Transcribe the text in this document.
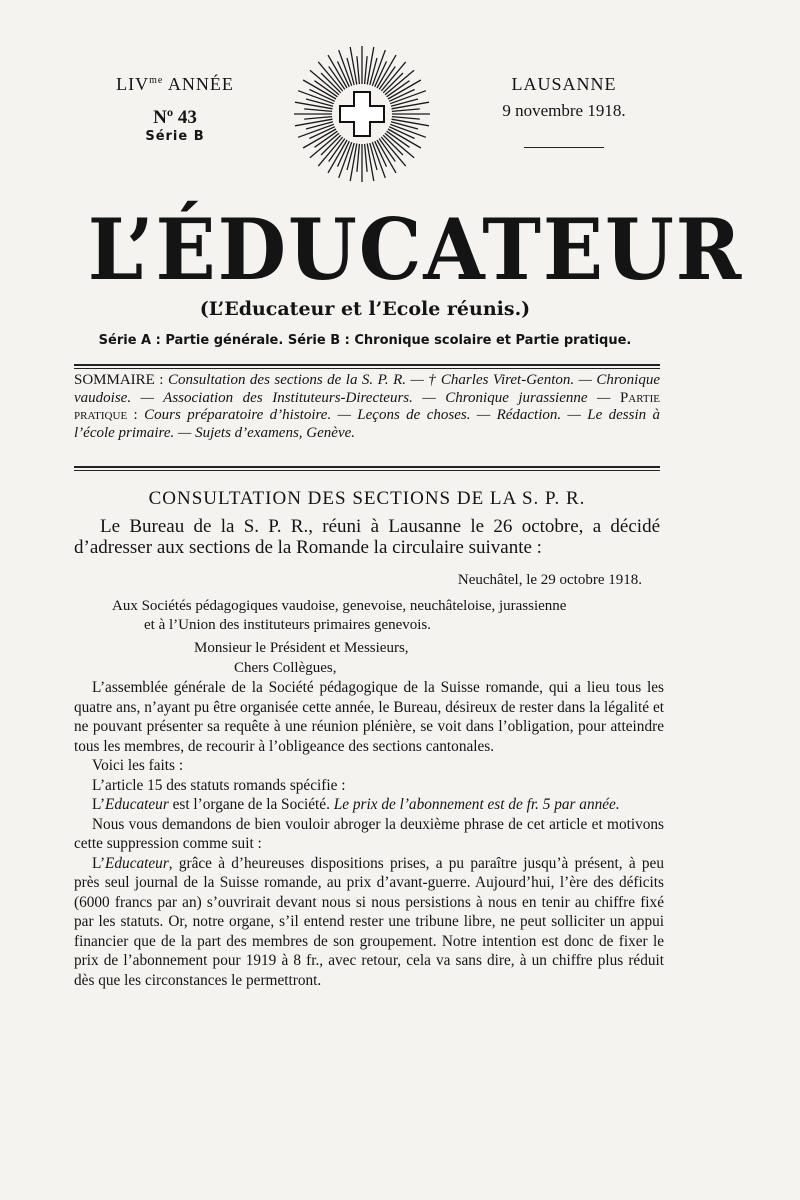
$LIV^{me}$ ANNÉE
Nº 43
Série B
LAUSANNE
9 novembre 1918.
L’ÉDUCATEUR
(L’Educateur et l’Ecole réunis.)
Série A : Partie générale. Série B : Chronique scolaire et Partie pratique.
SOMMAIRE : Consultation des sections de la S. P. R. — † Charles Viret-Genton. — Chronique vaudoise. — Association des Instituteurs-Directeurs. — Chronique jurassienne — Partie pratique : Cours préparatoire d’histoire. — Leçons de choses. — Rédaction. — Le dessin à l’école primaire. — Sujets d’examens, Genève.
CONSULTATION DES SECTIONS DE LA S. P. R.
Le Bureau de la S. P. R., réuni à Lausanne le 26 octobre, a décidé d’adresser aux sections de la Romande la circulaire suivante :
Neuchâtel, le 29 octobre 1918.
Aux Sociétés pédagogiques vaudoise, genevoise, neuchâteloise, jurassienne
et à l’Union des instituteurs primaires genevois.
Monsieur le Président et Messieurs,
Chers Collègues,

L’assemblée générale de la Société pédagogique de la Suisse romande, qui a lieu tous les quatre ans, n’ayant pu être organisée cette année, le Bureau, désireux de rester dans la légalité et ne pouvant présenter sa requête à une réunion plénière, se voit dans l’obligation, pour atteindre tous les membres, de recourir à l’obligeance des sections cantonales.

Voici les faits :

L’article 15 des statuts romands spécifie :

L’Educateur est l’organe de la Société. Le prix de l’abonnement est de fr. 5 par année.

Nous vous demandons de bien vouloir abroger la deuxième phrase de cet article et motivons cette suppression comme suit :

L’Educateur, grâce à d’heureuses dispositions prises, a pu paraître jusqu’à présent, à peu près seul journal de la Suisse romande, au prix d’avant-guerre. Aujourd’hui, l’ère des déficits (6000 francs par an) s’ouvrirait devant nous si nous persistions à nous en tenir au chiffre fixé par les statuts. Or, notre organe, s’il entend rester une tribune libre, ne peut solliciter un appui financier que de la part des membres de son groupement. Notre intention est donc de fixer le prix de l’abonnement pour 1919 à 8 fr., avec retour, cela va sans dire, à un chiffre plus réduit dès que les circonstances le permettront.
